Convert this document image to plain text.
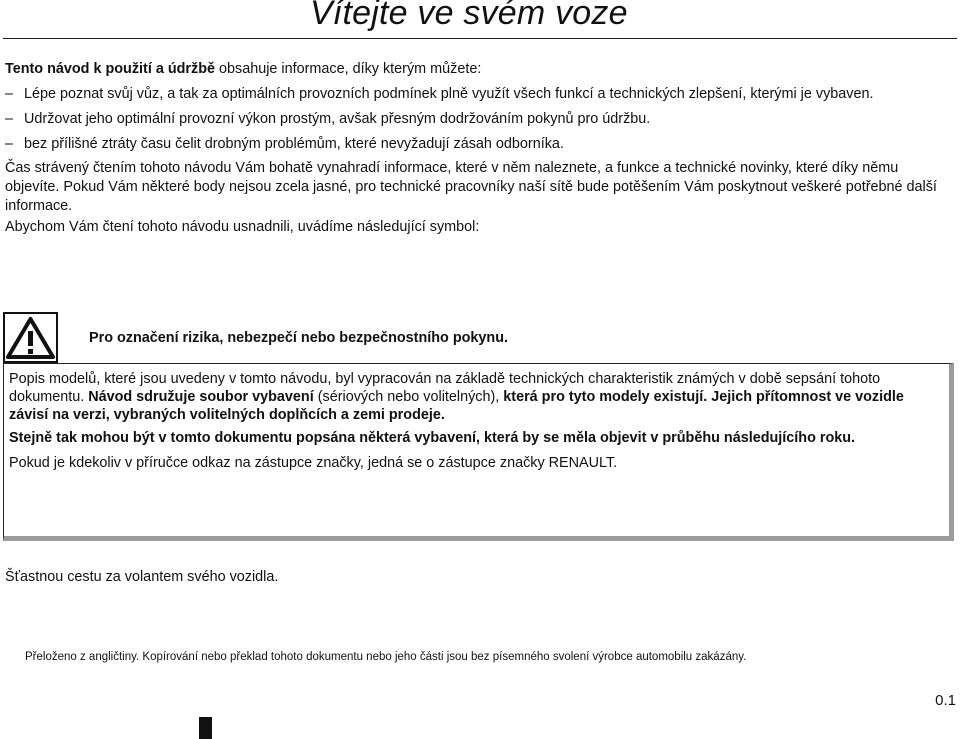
Vítejte ve svém voze

Tento návod k použití a údržbě obsahuje informace, díky kterým můžete:

– Lépe poznat svůj vůz, a tak za optimálních provozních podmínek plně využít všech funkcí a technických zlepšení, kterými je vybaven.
– Udržovat jeho optimální provozní výkon prostým, avšak přesným dodržováním pokynů pro údržbu.
– bez přílišné ztráty času čelit drobným problémům, které nevyžadují zásah odborníka.

Čas strávený čtením tohoto návodu Vám bohatě vynahradí informace, které v něm naleznete, a funkce a technické novinky, které díky němu objevíte. Pokud Vám některé body nejsou zcela jasné, pro technické pracovníky naší sítě bude potěšením Vám poskytnout veškeré potřebné další informace.

Abychom Vám čtení tohoto návodu usnadnili, uvádíme následující symbol:

Pro označení rizika, nebezpečí nebo bezpečnostního pokynu.

Popis modelů, které jsou uvedeny v tomto návodu, byl vypracován na základě technických charakteristik známých v době sepsání tohoto dokumentu. Návod sdružuje soubor vybavení (sériových nebo volitelných), která pro tyto modely existují. Jejich přítomnost ve vozidle závisí na verzi, vybraných volitelných doplňcích a zemi prodeje.

Stejně tak mohou být v tomto dokumentu popsána některá vybavení, která by se měla objevit v průběhu následujícího roku.

Pokud je kdekoliv v příručce odkaz na zástupce značky, jedná se o zástupce značky RENAULT.

Šťastnou cestu za volantem svého vozidla.
Přeloženo z angličtiny. Kopírování nebo překlad tohoto dokumentu nebo jeho části jsou bez písemného svolení výrobce automobilu zakázány.
0.1
